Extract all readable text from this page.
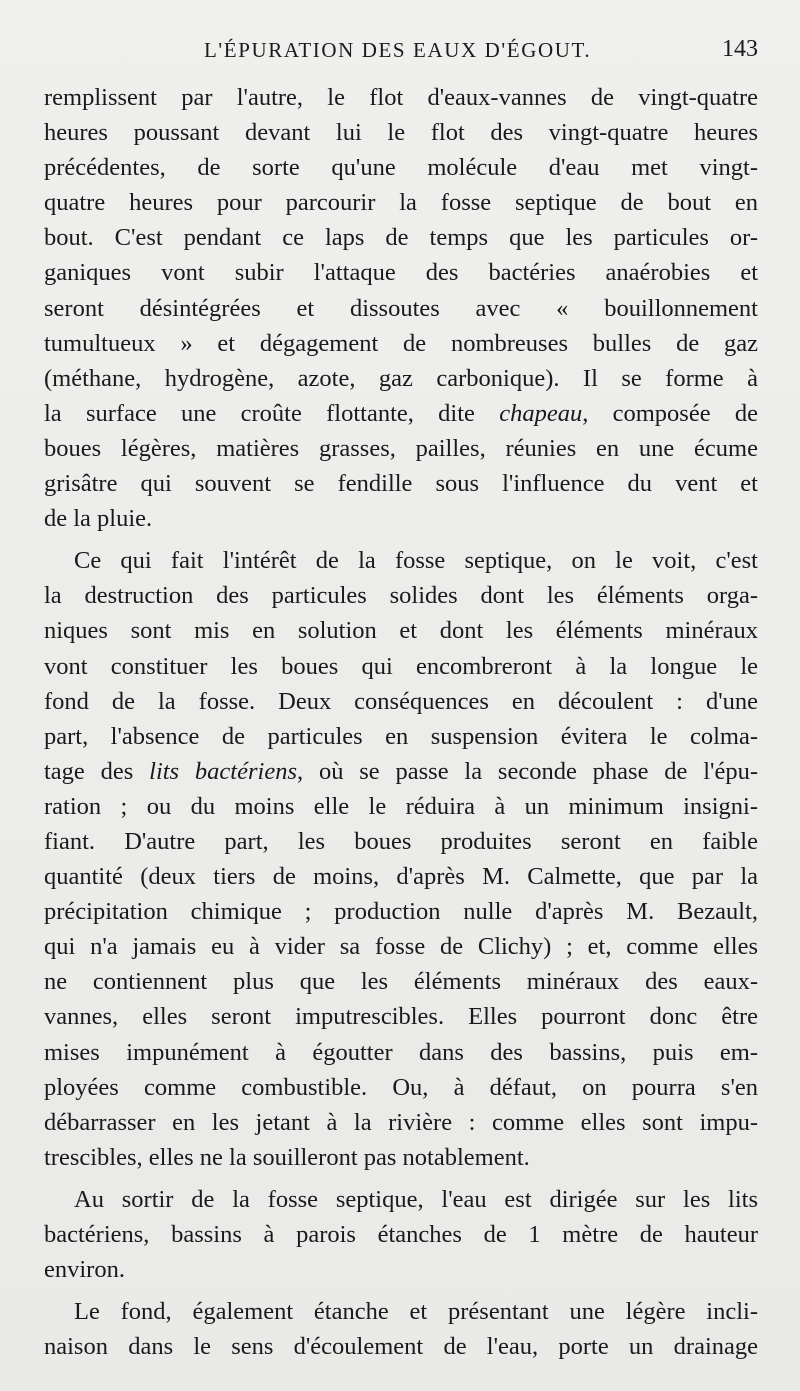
L'ÉPURATION DES EAUX D'ÉGOUT.	143

remplissent par l'autre, le flot d'eaux-vannes de vingt-quatre
heures poussant devant lui le flot des vingt-quatre heures
précédentes, de sorte qu'une molécule d'eau met vingt-
quatre heures pour parcourir la fosse septique de bout en
bout. C'est pendant ce laps de temps que les particules or-
ganiques vont subir l'attaque des bactéries anaérobies et
seront désintégrées et dissoutes avec « bouillonnement
tumultueux » et dégagement de nombreuses bulles de gaz
(méthane, hydrogène, azote, gaz carbonique). Il se forme à
la surface une croûte flottante, dite chapeau, composée de
boues légères, matières grasses, pailles, réunies en une écume
grisâtre qui souvent se fendille sous l'influence du vent et
de la pluie.

Ce qui fait l'intérêt de la fosse septique, on le voit, c'est
la destruction des particules solides dont les éléments orga-
niques sont mis en solution et dont les éléments minéraux
vont constituer les boues qui encombreront à la longue le
fond de la fosse. Deux conséquences en découlent : d'une
part, l'absence de particules en suspension évitera le colma-
tage des lits bactériens, où se passe la seconde phase de l'épu-
ration ; ou du moins elle le réduira à un minimum insigni-
fiant. D'autre part, les boues produites seront en faible
quantité (deux tiers de moins, d'après M. Calmette, que par la
précipitation chimique ; production nulle d'après M. Bezault,
qui n'a jamais eu à vider sa fosse de Clichy) ; et, comme elles
ne contiennent plus que les éléments minéraux des eaux-
vannes, elles seront imputrescibles. Elles pourront donc être
mises impunément à égoutter dans des bassins, puis em-
ployées comme combustible. Ou, à défaut, on pourra s'en
débarrasser en les jetant à la rivière : comme elles sont impu-
trescibles, elles ne la souilleront pas notablement.

Au sortir de la fosse septique, l'eau est dirigée sur les lits
bactériens, bassins à parois étanches de 1 mètre de hauteur
environ.

Le fond, également étanche et présentant une légère incli-
naison dans le sens d'écoulement de l'eau, porte un drainage
